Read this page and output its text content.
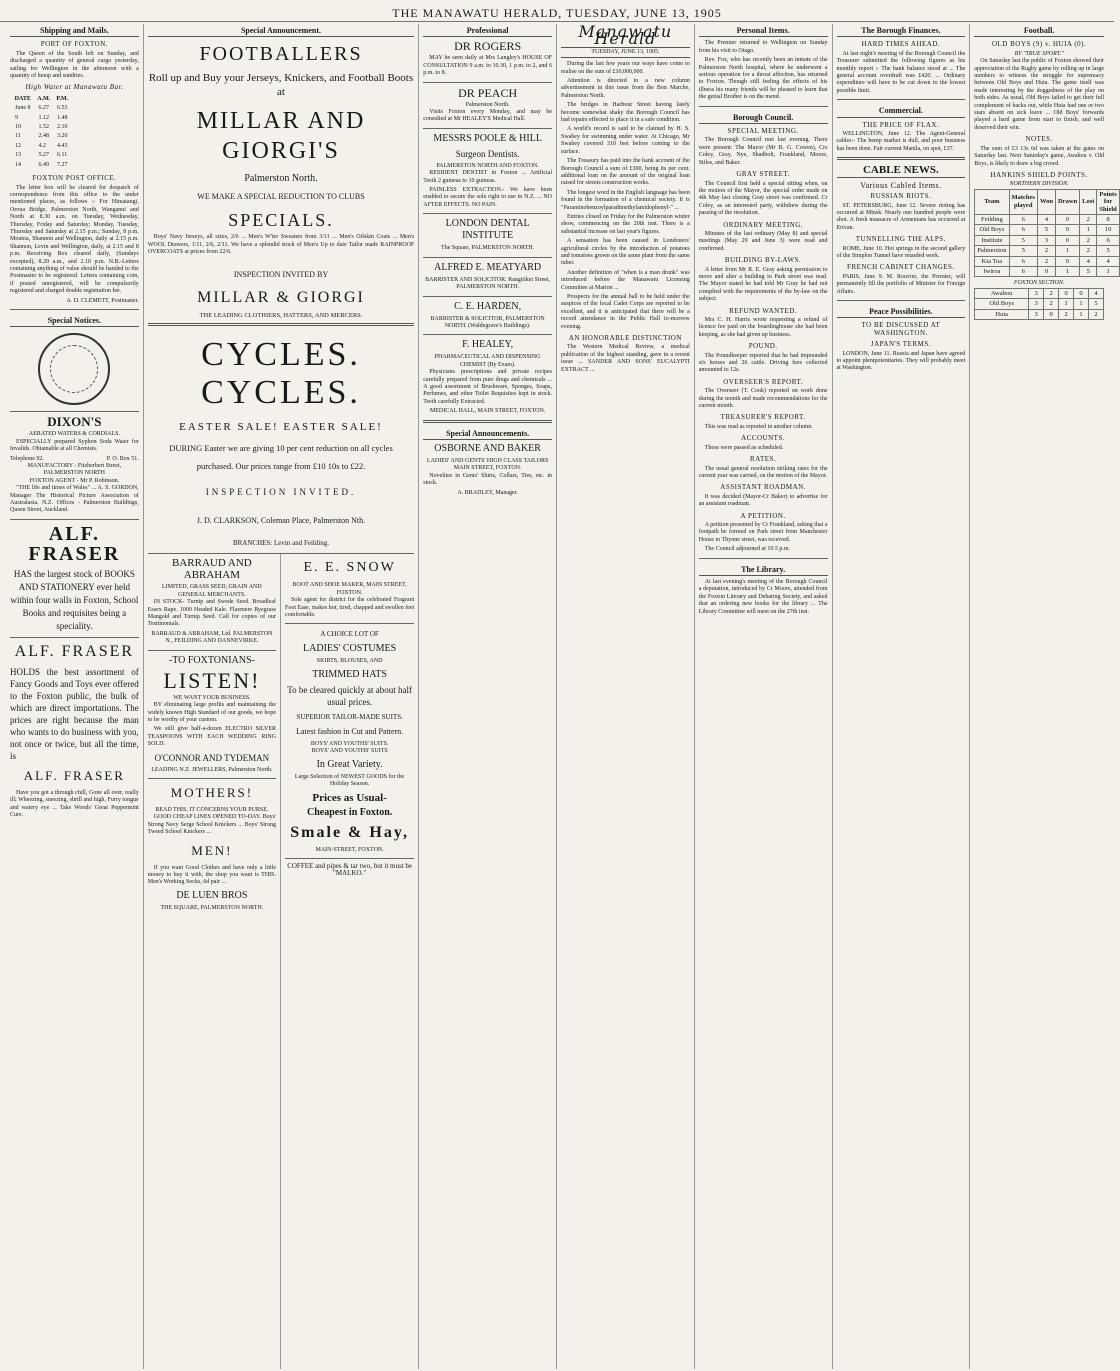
THE MANAWATU HERALD, TUESDAY, JUNE 13, 1905
Shipping and Mails.
PORT OF FOXTON.

The Queen of the South left on Sunday, and discharged a quantity of general cargo yesterday, sailing for Wellington in the afternoon with a quantity of hemp and sundries.

High Water at Manawatu Bar.
DATE	A.M.	P.M.
June 8	6.27	6.53
9	1.12	1.48
10	1.52	2.16
11	2.48	3.20
12	4.2	4.43
13	5.27	6.11
14	6.49	7.27
FOXTON POST OFFICE.

The letter box will be cleared for despatch of correspondence from this office to the under mentioned places, as follows :- For Himatangi, Oroua Bridge, Palmerston North, Wanganui and North at 8.30 a.m. on Tuesday, Wednesday, Thursday, Friday and Saturday; Monday, Tuesday, Thursday and Saturday at 2.15 p.m.; Sunday, 8 p.m. Moutoa, Shannon and Wellington, daily at 2.15 p.m. Shannon, Levin and Wellington, daily, at 2.15 and 8 p.m. Receiving Box cleared daily, (Sundays excepted), 8.20 a.m., and 2.10 p.m. N.B.-Letters containing anything of value should be handed to the Postmaster to be registered. Letters containing coin, if posted unregistered, will be compulsorily registered and charged double registration fee.

A. D. CLEMETT, Postmaster.
Special Notices.
DIXON'S
AERATED WATERS & CORDIALS.

ESPECIALLY prepared Syphon Soda Water for Invalids. Obtainable at all Chemists.

Telephone 92.	P. O. Box 51.
MANUFACTORY - Fitzherbert Street, PALMERSTON NORTH
FOXTON AGENT - Mr P. Robinson.

"THE life and times of Wales" ... A. S. GORDON, Manager The Historical Picture Association of Australasia. N.Z. Offices - Palmerston Buildings, Queen Street, Auckland.

ALF. FRASER
HAS the largest stock of BOOKS AND STATIONERY ever held within four walls in Foxton, School Books and requisites being a speciality.
ALF. FRASER
HOLDS the best assortment of Fancy Goods and Toys ever offered to the Foxton public, the bulk of which are direct importations. The prices are right because the man who wants to do business with you, not once or twice, but all the time, is
ALF. FRASER

Have you got a through chill, Gone all over, really ill; Wheezing, sneezing, shrill and high, Furry tongue and watery eye ... Take Woods' Great Peppermint Cure.

Special Announcement.
FOOTBALLERS
Roll up and Buy your Jerseys, Knickers, and Football Boots at
MILLAR AND GIORGI'S
Palmerston North.
WE MAKE A SPECIAL REDUCTION TO CLUBS
SPECIALS.

Boys' Navy Jerseys, all sizes, 2/6 ... Men's W'ter Sweaters from 3/11 ... Men's Oilskin Coats ... Men's WOOL Drawers, 1/11, 2/6, 2/11. We have a splendid stock of Men's Up to date Tailor made RAINPROOF OVERCOATS at prices from 22/6.

INSPECTION INVITED BY
MILLAR & GIORGI
THE LEADING CLOTHIERS, HATTERS, AND MERCERS.
CYCLES. CYCLES.
EASTER SALE! EASTER SALE!
DURING Easter we are giving 10 per cent reduction on all cycles purchased. Our prices range from £10 10s to £22.
INSPECTION INVITED.
J. D. CLARKSON, Coleman Place, Palmerston Nth.
BRANCHES: Levin and Feilding.
BARRAUD AND ABRAHAM
LIMITED, GRASS SEED, GRAIN AND GENERAL MERCHANTS.

IN STOCK- Turnip and Swede Seed. Broadleaf Essex Rape. 1000 Headed Kale. Flaxmere Ryegrass Mangold and Turnip Seed. Call for copies of our Testimonials.

BARRAUD & ABRAHAM, Ltd. PALMERSTON N., FEILDING AND DANNEVIRKE.
-TO FOXTONIANS-
LISTEN!
WE WANT YOUR BUSINESS.

BY eliminating large profits and maintaining the widely known High Standard of our goods, we hope to be worthy of your custom.

We still give half-a-dozen ELECTRO SILVER TEASPOONS WITH EACH WEDDING RING SOLD.

O'CONNOR AND TYDEMAN
LEADING N.Z. JEWELLERS, Palmerston North.
MOTHERS!
READ THIS, IT CONCERNS YOUR PURSE.

GOOD CHEAP LINES OPENED TO-DAY. Boys' Strong Navy Serge School Knickers ... Boys' Strong Tweed School Knickers ...

MEN!

If you want Good Clothes and have only a little money to buy it with, the shop you want is THIS. Men's Working Socks, 6d pair ...

DE LUEN BROS
THE SQUARE, PALMERSTON NORTH.
E. E. SNOW
BOOT AND SHOE MAKER, MAIN STREET, FOXTON.

Sole agent for district for the celebrated Fragrant Foot Ease, makes hot, tired, chapped and swollen feet comfortable.

A CHOICE LOT OF
LADIES' COSTUMES
SKIRTS, BLOUSES, AND
TRIMMED HATS
To be cleared quickly at about half usual prices.
SUPERIOR TAILOR-MADE SUITS.
Latest fashion in Cut and Pattern.
BOYS' AND YOUTHS' SUITS.
BOYS' AND YOUTHS' SUITS
In Great Variety.
Large Selection of NEWEST GOODS for the Holiday Season.
Prices as Usual-
Cheapest in Foxton.
Smale & Hay,
MAIN-STREET, FOXTON.
COFFEE and pipes & tar two, but it must be "MALKO."
Professional
DR ROGERS

MAY be seen daily at Mrs Langley's HOUSE OF CONSULTATION 9 a.m. to 10.30, 1 p.m. to 2, and 6 p.m. to 8.

DR PEACH
Palmerston North.

Visits Foxton every Monday, and may be consulted at Mr HEALEY'S Medical Hall.

MESSRS POOLE & HILL
Surgeon Dentists.
PALMERSTON NORTH AND FOXTON.

RESIDENT DENTIST in Foxton ... Artificial Teeth 2 guineas to 10 guineas.

PAINLESS EXTRACTION.- We have been enabled to secure the sole right to use in N.Z. ... NO AFTER EFFECTS. NO PAIN.

LONDON DENTAL INSTITUTE
The Square, PALMERSTON NORTH.
ALFRED E. MEATYARD
BARRISTER AND SOLICITOR. Rangitikei Street, PALMERSTON NORTH.
C. E. HARDEN,
BARRISTER & SOLICITOR, PALMERSTON NORTH. (Waldegrave's Buildings).
F. HEALEY,
PHARMACEUTICAL AND DISPENSING CHEMIST (By Exam).

Physicians prescriptions and private recipes carefully prepared from pure drugs and chemicals ... A good assortment of Brushware, Sponges, Soaps, Perfumes, and other Toilet Requisites kept in stock. Teeth carefully Extracted.

MEDICAL HALL, MAIN STREET, FOXTON.
Special Announcements.
OSBORNE AND BAKER
LADIES' AND GENTS' HIGH CLASS TAILORS
MAIN STREET, FOXTON.

Novelties in Gents' Shirts, Collars, Ties, etc. in stock.

A. BRADLEY, Manager.
Manawatu Herald
TUESDAY, JUNE 13, 1905.

During the last few years our ways have come to realise on the sum of £10,000,000.

Attention is directed to a new column advertisement in this issue from the Bon Marche, Palmerston North.

The bridges in Harbour Street having lately become somewhat shaky the Borough Council has had repairs effected to place it in a safe condition.

A world's record is said to be claimed by H. S. Swabey for swimming under water. At Chicago, Mr Swabey covered 310 feet before coming to the surface.

The Treasury has paid into the bank account of the Borough Council a sum of £300, being its per cent. additional loan on the amount of the original loan raised for streets construction works.

The longest word in the English language has been found in the formation of a chemical society. It is "Paraminobenzoylparadimethylamidophenyl-" ...

Entries closed on Friday for the Palmerston winter show, commencing on the 20th inst. There is a substantial increase on last year's figures.

A sensation has been caused in Londoners' agricultural circles by the introduction of potatoes and tomatoes grown on the same plant from the same tuber.

Another definition of "when is a man drunk" was introduced before the Manawatu Licensing Committee at Marton ...

Prospects for the annual ball to be held under the auspices of the local Cadet Corps are reported to be excellent, and it is anticipated that there will be a record attendance in the Public Hall to-morrow evening.

AN HONORABLE DISTINCTION

The Western Medical Review, a medical publication of the highest standing, gave in a recent issue ... SANDER AND SONS' EUCALYPTI EXTRACT ...

Personal Items.

The Premier returned to Wellington on Sunday from his visit to Otago.

Rev. Fox, who has recently been an inmate of the Palmerston North hospital, where he underwent a serious operation for a throat affection, has returned to Foxton. Though still feeling the effects of his illness his many friends will be pleased to learn that the genial Brother is on the mend.

Borough Council.
SPECIAL MEETING.

The Borough Council met last evening. There were present: The Mayor (Mr B. G. Cowen), Crs Coley, Gray, Nye, Shadbolt, Frankland, Moore, Stiles, and Baker.

GRAY STREET.

The Council first held a special sitting when, on the motion of the Mayor, the special order made on 4th May last closing Gray street was confirmed. Cr Coley, as an interested party, withdrew during the passing of the resolution.

ORDINARY MEETING.

Minutes of the last ordinary (May 8) and special meetings (May 29 and June 3) were read and confirmed.

BUILDING BY-LAWS.

A letter from Mr R. E. Gray asking permission to move and alter a building in Park street was read. The Mayor stated he had told Mr Gray he had not complied with the requirements of the by-law on the subject.

REFUND WANTED.

Mrs C. H. Harris wrote requesting a refund of licence fee paid on the boardinghouse she had been keeping, as she had given up business.

POUND.

The Poundkeeper reported that he had impounded six horses and 26 cattle. Driving fees collected amounted to 12s.

OVERSEER'S REPORT.

The Overseer (T. Cook) reported on work done during the month and made recommendations for the current month.

TREASURER'S REPORT.

This was read as reported in another column.

ACCOUNTS.

These were passed as scheduled.

RATES.

The usual general resolution striking rates for the current year was carried, on the motion of the Mayor.

ASSISTANT ROADMAN.

It was decided (Mayor-Cr Baker) to advertise for an assistant roadman.

A PETITION.

A petition presented by Cr Frankland, asking that a footpath be formed on Park street from Manchester House to Thynne street, was received.

The Council adjourned at 10.5 p.m.

The Library.

At last evening's meeting of the Borough Council a deputation, introduced by Cr Moore, attended from the Foxton Literary and Debating Society, and asked that an ordering new books for the library ... The Library Committee will meet on the 27th inst.

The Borough Finances.
HARD TIMES AHEAD.

At last night's meeting of the Borough Council the Treasurer submitted the following figures as his monthly report :- The bank balance stood at ... The general account overdraft was £420. ... Ordinary expenditure will have to be cut down to the lowest possible limit.

Commercial.
THE PRICE OF FLAX.

WELLINGTON, June 12. The Agent-General cables:- The hemp market is dull, and poor business has been done. Fair current Manila, on spot, £37.

CABLE NEWS.
Various Cabled Items.
RUSSIAN RIOTS.

ST. PETERSBURG, June 12. Severe rioting has occurred at Minsk. Nearly one hundred people were shot. A fresh massacre of Armenians has occurred at Erivan.

TUNNELLING THE ALPS.

ROME, June 10. Hot springs in the second gallery of the Simplon Tunnel have retarded work.

FRENCH CABINET CHANGES.

PARIS, June 9. M. Rouvier, the Premier, will permanently fill the portfolio of Minister for Foreign Affairs.

Peace Possibilities.
TO BE DISCUSSED AT WASHINGTON.
JAPAN'S TERMS.

LONDON, June 11. Russia and Japan have agreed to appoint plenipotentiaries. They will probably meet at Washington.

Football.
OLD BOYS (9) v. HUIA (0).
BY "TRUE SPORT."

On Saturday last the public of Foxton showed their appreciation of the Rugby game by rolling up in large numbers to witness the struggle for supremacy between Old Boys and Huia. The game itself was made interesting by the doggedness of the play on both sides. As usual, Old Boys failed to get their full complement of backs out, while Huia had one or two stars absent on sick leave ... Old Boys' forwards played a hard game from start to finish, and well deserved their win.

NOTES.

The sum of £3 13s 6d was taken at the gates on Saturday last. Next Saturday's game, Awahou v. Old Boys, is likely to draw a big crowd.

HANKINS SHIELD POINTS.
NORTHERN DIVISION.
Team	Matches played	Won	Drawn	Lost	Points for Shield
Feilding	6	4	0	2	8
Old Boys	6	5	0	1	10
Institute	5	3	0	2	6
Palmerston	5	2	1	2	5
Kia Toa	6	2	0	4	4
Iwiroa	6	0	1	5	1
FOXTON SECTION.
Awahou	3	2	0	0	4
Old Boys	3	2	1	1	5
Huia	3	0	2	1	2
